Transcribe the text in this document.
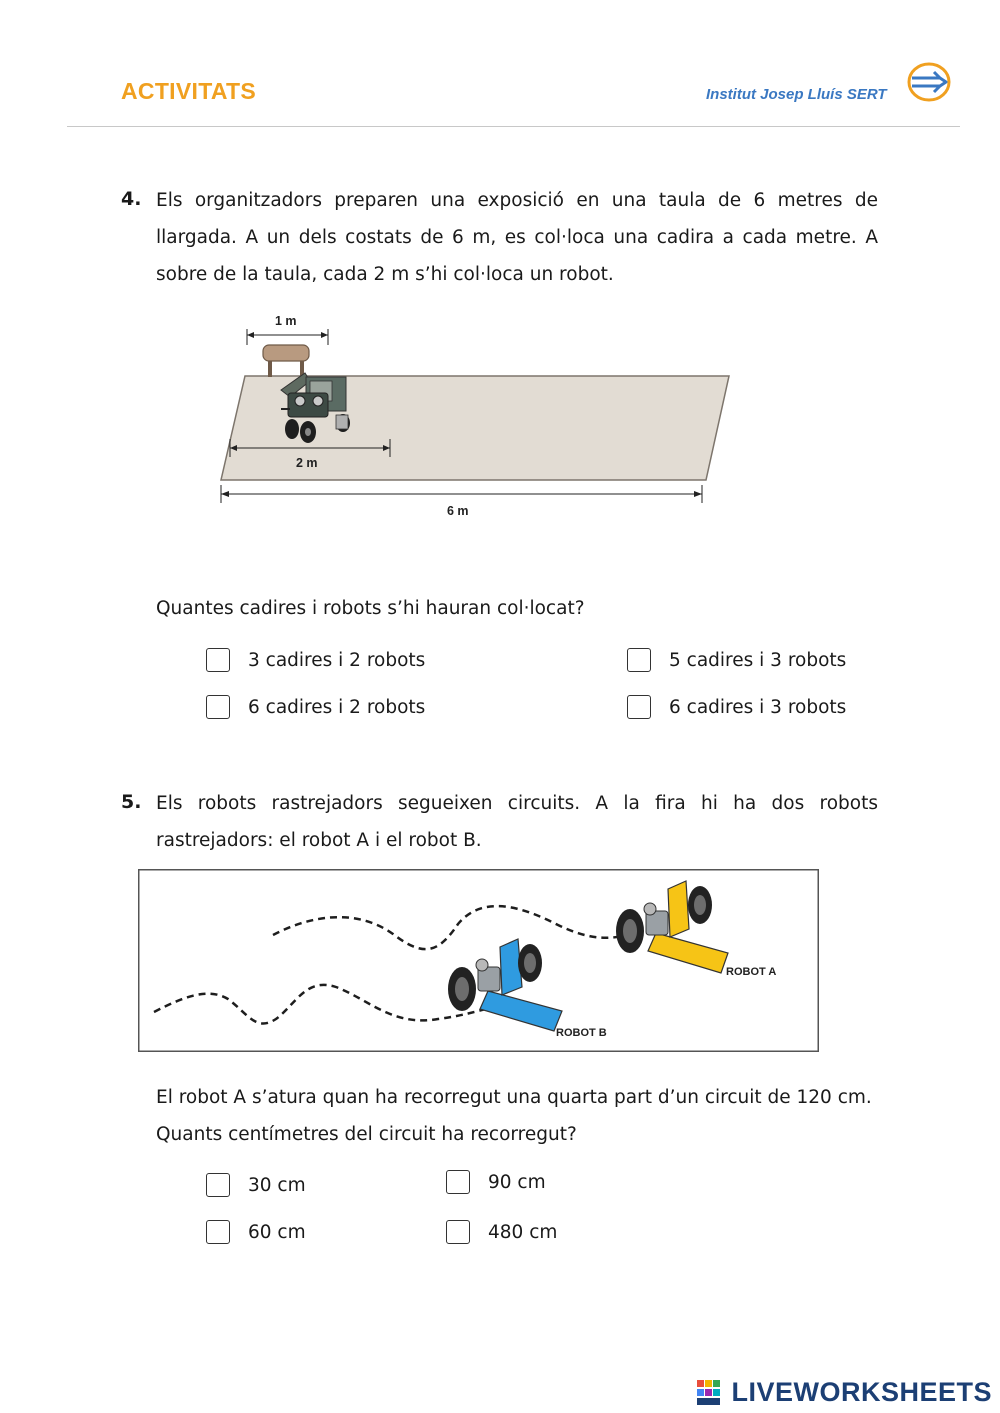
ACTIVITATS	Institut Josep Lluís SERT
4. Els organitzadors preparen una exposició en una taula de 6 metres de llargada. A un dels costats de 6 m, es col·loca una cadira a cada metre. A sobre de la taula, cada 2 m s’hi col·loca un robot.
1 m
2 m
6 m
Quantes cadires i robots s’hi hauran col·locat?
3 cadires i 2 robots	5 cadires i 3 robots
6 cadires i 2 robots	6 cadires i 3 robots
5. Els robots rastrejadors segueixen circuits. A la fira hi ha dos robots rastrejadors: el robot A i el robot B.
ROBOT A
ROBOT B
El robot A s’atura quan ha recorregut una quarta part d’un circuit de 120 cm.
Quants centímetres del circuit ha recorregut?
30 cm	90 cm
60 cm	480 cm
LIVEWORKSHEETS
